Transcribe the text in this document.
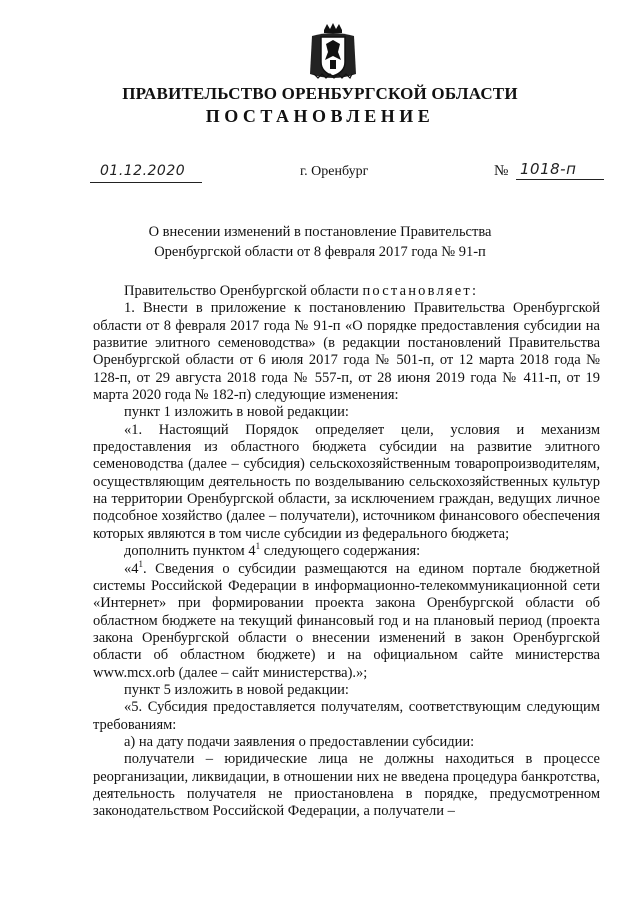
ПРАВИТЕЛЬСТВО ОРЕНБУРГСКОЙ ОБЛАСТИ
ПОСТАНОВЛЕНИЕ
01.12.2020	г. Оренбург	№ 1018-п
О внесении изменений в постановление Правительства
Оренбургской области от 8 февраля 2017 года № 91-п

Правительство Оренбургской области постановляет:

1. Внести в приложение к постановлению Правительства Оренбургской области от 8 февраля 2017 года № 91-п «О порядке предоставления субсидии на развитие элитного семеноводства» (в редакции постановлений Правительства Оренбургской области от 6 июля 2017 года № 501-п, от 12 марта 2018 года № 128-п, от 29 августа 2018 года № 557-п, от 28 июня 2019 года № 411-п, от 19 марта 2020 года № 182-п) следующие изменения:

пункт 1 изложить в новой редакции:

«1. Настоящий Порядок определяет цели, условия и механизм предоставления из областного бюджета субсидии на развитие элитного семеноводства (далее – субсидия) сельскохозяйственным товаропроизводителям, осуществляющим деятельность по возделыванию сельскохозяйственных культур на территории Оренбургской области, за исключением граждан, ведущих личное подсобное хозяйство (далее – получатели), источником финансового обеспечения которых являются в том числе субсидии из федерального бюджета;

дополнить пунктом $4^1$ следующего содержания:

«$4^1$. Сведения о субсидии размещаются на едином портале бюджетной системы Российской Федерации в информационно-телекоммуникационной сети «Интернет» при формировании проекта закона Оренбургской области об областном бюджете на текущий финансовый год и на плановый период (проекта закона Оренбургской области о внесении изменений в закон Оренбургской области об областном бюджете) и на официальном сайте министерства www.mcx.orb (далее – сайт министерства).»;

пункт 5 изложить в новой редакции:

«5. Субсидия предоставляется получателям, соответствующим следующим требованиям:

а) на дату подачи заявления о предоставлении субсидии:

получатели – юридические лица не должны находиться в процессе реорганизации, ликвидации, в отношении них не введена процедура банкротства, деятельность получателя не приостановлена в порядке, предусмотренном законодательством Российской Федерации, а получатели –
